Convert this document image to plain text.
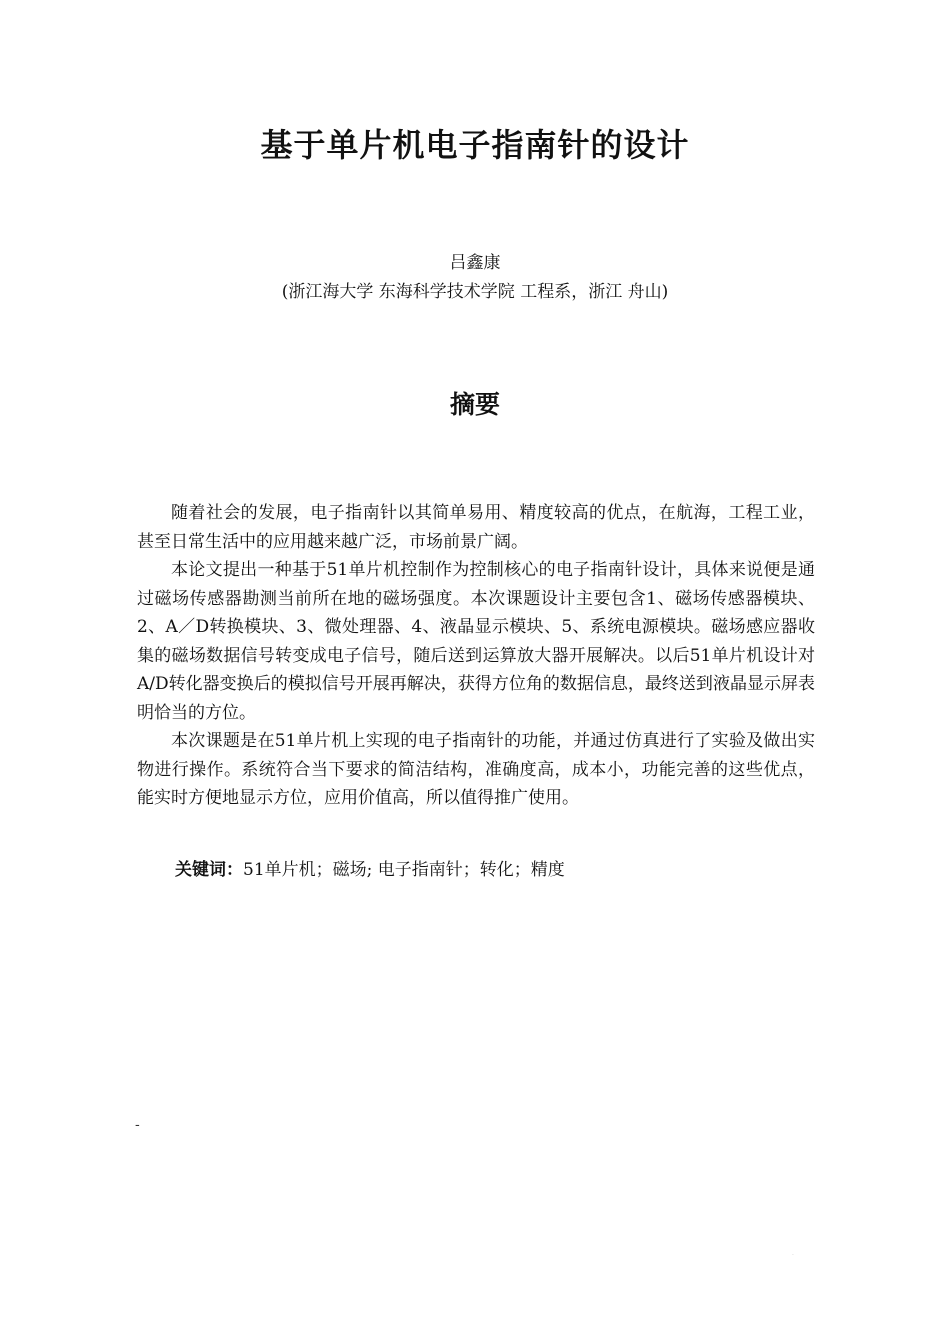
基于单片机电子指南针的设计
吕鑫康
(浙江海大学 东海科学技术学院 工程系，浙江 舟山)
摘要

随着社会的发展，电子指南针以其简单易用、精度较高的优点，在航海，工程工业，甚至日常生活中的应用越来越广泛，市场前景广阔。

本论文提出一种基于51单片机控制作为控制核心的电子指南针设计，具体来说便是通过磁场传感器勘测当前所在地的磁场强度。本次课题设计主要包含1、磁场传感器模块、2、A／D转换模块、3、微处理器、4、液晶显示模块、5、系统电源模块。磁场感应器收集的磁场数据信号转变成电子信号，随后送到运算放大器开展解决。以后51单片机设计对A/D转化器变换后的模拟信号开展再解决，获得方位角的数据信息，最终送到液晶显示屏表明恰当的方位。

本次课题是在51单片机上实现的电子指南针的功能，并通过仿真进行了实验及做出实物进行操作。系统符合当下要求的简洁结构，准确度高，成本小，功能完善的这些优点，能实时方便地显示方位，应用价值高，所以值得推广使用。

关键词：51单片机；磁场; 电子指南针；转化；精度
-
.
